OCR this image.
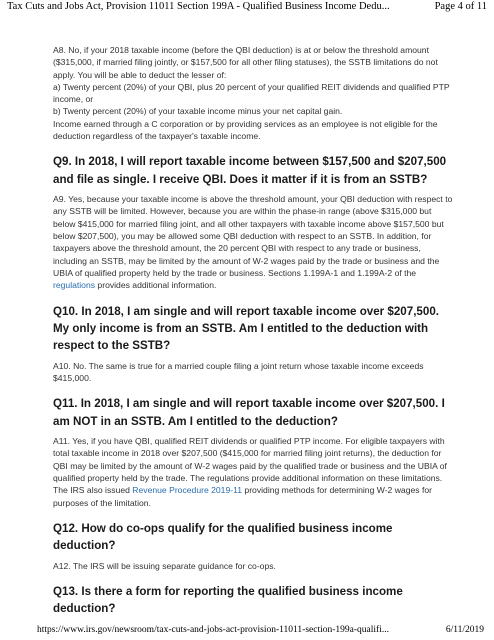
Tax Cuts and Jobs Act, Provision 11011 Section 199A - Qualified Business Income Dedu...	Page 4 of 11

A8. No, if your 2018 taxable income (before the QBI deduction) is at or below the threshold amount ($315,000, if married filing jointly, or $157,500 for all other filing statuses), the SSTB limitations do not apply. You will be able to deduct the lesser of:

a) Twenty percent (20%) of your QBI, plus 20 percent of your qualified REIT dividends and qualified PTP income, or

b) Twenty percent (20%) of your taxable income minus your net capital gain.

Income earned through a C corporation or by providing services as an employee is not eligible for the deduction regardless of the taxpayer's taxable income.

Q9. In 2018, I will report taxable income between $157,500 and $207,500 and file as single. I receive QBI. Does it matter if it is from an SSTB?

A9. Yes, because your taxable income is above the threshold amount, your QBI deduction with respect to any SSTB will be limited. However, because you are within the phase-in range (above $315,000 but below $415,000 for married filing joint, and all other taxpayers with taxable income above $157,500 but below $207,500), you may be allowed some QBI deduction with respect to an SSTB. In addition, for taxpayers above the threshold amount, the 20 percent QBI with respect to any trade or business, including an SSTB, may be limited by the amount of W-2 wages paid by the trade or business and the UBIA of qualified property held by the trade or business. Sections 1.199A-1 and 1.199A-2 of the regulations provides additional information.

Q10. In 2018, I am single and will report taxable income over $207,500. My only income is from an SSTB. Am I entitled to the deduction with respect to the SSTB?

A10. No. The same is true for a married couple filing a joint return whose taxable income exceeds $415,000.

Q11. In 2018, I am single and will report taxable income over $207,500. I am NOT in an SSTB. Am I entitled to the deduction?

A11. Yes, if you have QBI, qualified REIT dividends or qualified PTP income. For eligible taxpayers with total taxable income in 2018 over $207,500 ($415,000 for married filing joint returns), the deduction for QBI may be limited by the amount of W-2 wages paid by the qualified trade or business and the UBIA of qualified property held by the trade. The regulations provide additional information on these limitations. The IRS also issued Revenue Procedure 2019-11 providing methods for determining W-2 wages for purposes of the limitation.

Q12. How do co-ops qualify for the qualified business income deduction?

A12. The IRS will be issuing separate guidance for co-ops.

Q13. Is there a form for reporting the qualified business income deduction?
https://www.irs.gov/newsroom/tax-cuts-and-jobs-act-provision-11011-section-199a-qualifi...	6/11/2019
